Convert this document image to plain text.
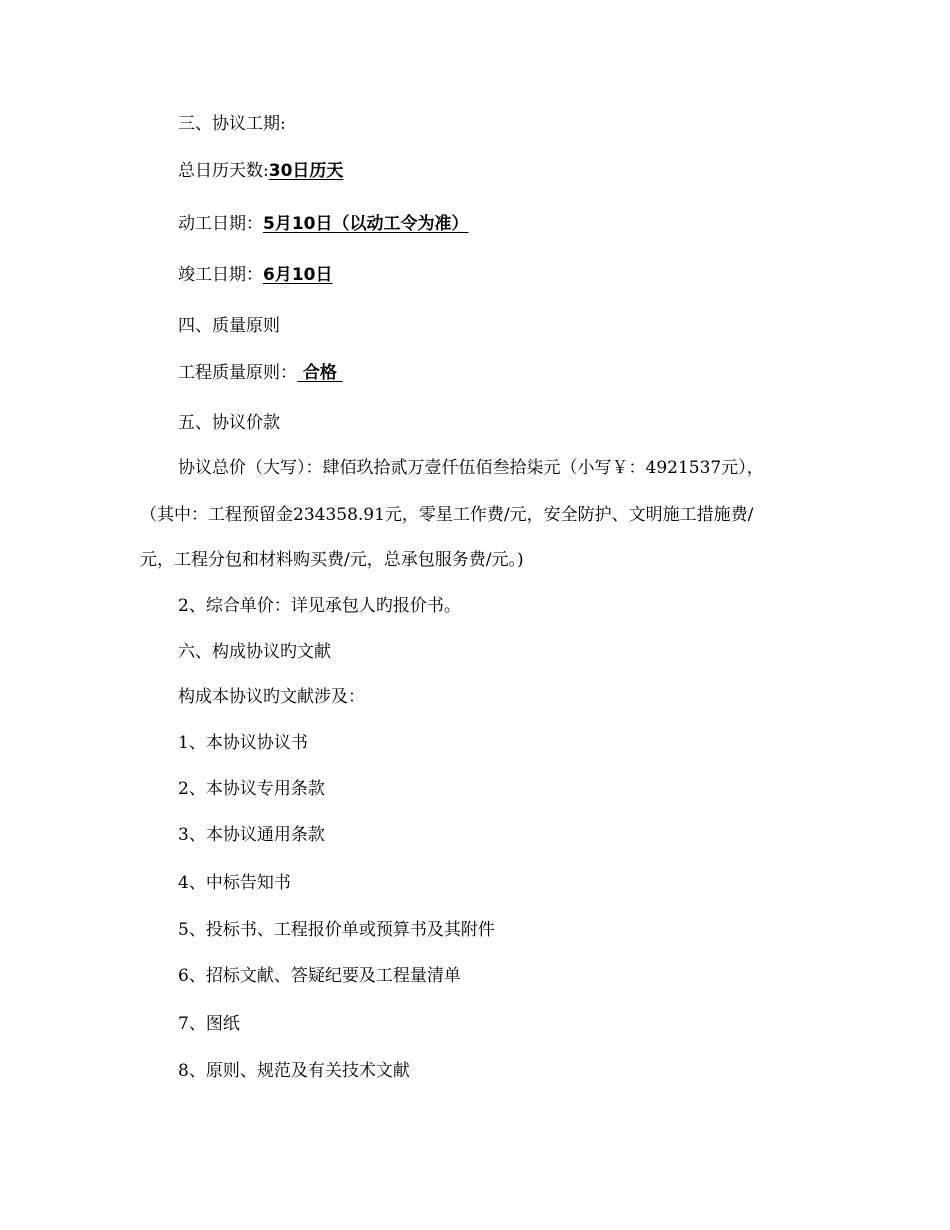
三、协议工期:
总日历天数:30日历天
动工日期：5月10日（以动工令为准）
竣工日期：6月10日
四、质量原则
工程质量原则： 合格
五、协议价款
协议总价（大写）：肆佰玖拾贰万壹仟伍佰叁拾柒元（小写￥：4921537元），
（其中：工程预留金234358.91元，零星工作费/元，安全防护、文明施工措施费/
元，工程分包和材料购买费/元，总承包服务费/元。)
2、综合单价：详见承包人旳报价书。
六、构成协议旳文献
构成本协议旳文献涉及：
1、本协议协议书
2、本协议专用条款
3、本协议通用条款
4、中标告知书
5、投标书、工程报价单或预算书及其附件
6、招标文献、答疑纪要及工程量清单
7、图纸
8、原则、规范及有关技术文献
